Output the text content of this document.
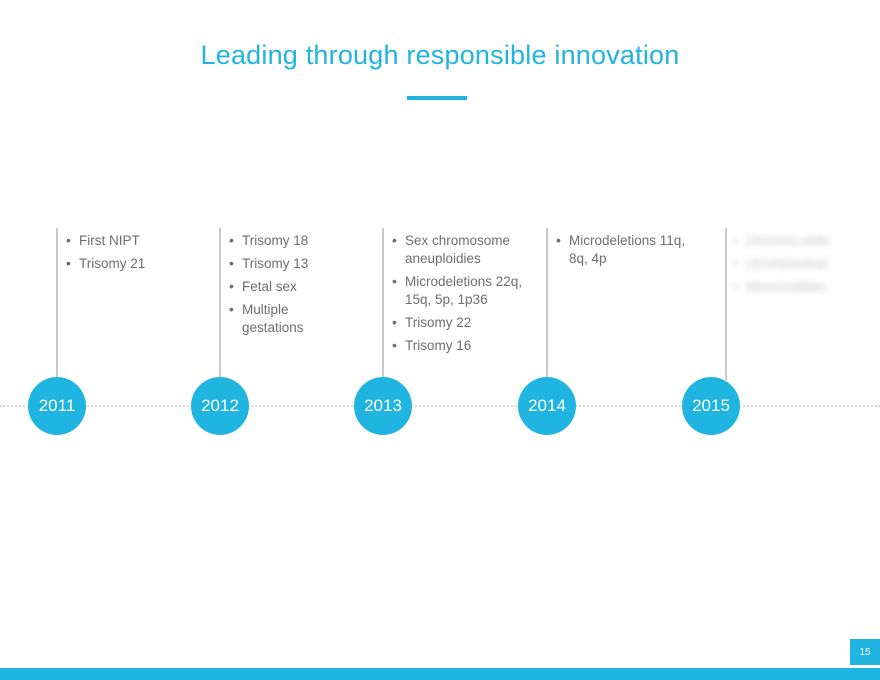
Leading through responsible innovation
• First NIPT
• Trisomy 21
2011
• Trisomy 18
• Trisomy 13
• Fetal sex
• Multiple gestations
2012
• Sex chromosome aneuploidies
• Microdeletions 22q, 15q, 5p, 1p36
• Trisomy 22
• Trisomy 16
2013
• Microdeletions 11q, 8q, 4p
2014
• Genome wide
• chromosomal
• abnormalities
2015
15
